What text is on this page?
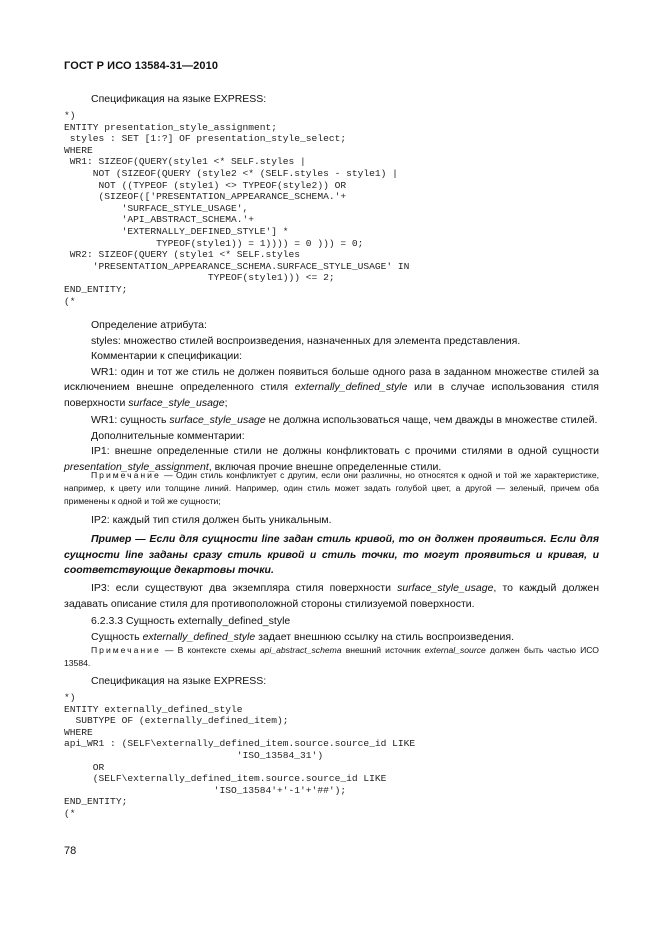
ГОСТ Р ИСО 13584-31—2010

Спецификация на языке EXPRESS:

*)
ENTITY presentation_style_assignment;
styles : SET [1:?] OF presentation_style_select;
WHERE
WR1: SIZEOF(QUERY(style1 <* SELF.styles |
NOT (SIZEOF(QUERY (style2 <* (SELF.styles - style1) |
NOT ((TYPEOF (style1) <> TYPEOF(style2)) OR
(SIZEOF(['PRESENTATION_APPEARANCE_SCHEMA.'+
'SURFACE_STYLE_USAGE',
'API_ABSTRACT_SCHEMA.'+
'EXTERNALLY_DEFINED_STYLE'] *
TYPEOF(style1)) = 1)))) = 0 ))) = 0;
WR2: SIZEOF(QUERY (style1 <* SELF.styles
'PRESENTATION_APPEARANCE_SCHEMA.SURFACE_STYLE_USAGE' IN
TYPEOF(style1))) <= 2;
END_ENTITY;
(*

Определение атрибута:

styles: множество стилей воспроизведения, назначенных для элемента представления.

Комментарии к спецификации:

WR1: один и тот же стиль не должен появиться больше одного раза в заданном множестве стилей за исключением внешне определенного стиля externally_defined_style или в случае использования стиля поверхности surface_style_usage;

WR1: сущность surface_style_usage не должна использоваться чаще, чем дважды в множестве стилей.

Дополнительные комментарии:

IP1: внешне определенные стили не должны конфликтовать с прочими стилями в одной сущности presentation_style_assignment, включая прочие внешне определенные стили.

Примечание — Один стиль конфликтует с другим, если они различны, но относятся к одной и той же характеристике, например, к цвету или толщине линий. Например, один стиль может задать голубой цвет, а другой — зеленый, причем оба применены к одной и той же сущности;

IP2: каждый тип стиля должен быть уникальным.

Пример — Если для сущности line задан стиль кривой, то он должен проявиться. Если для сущности line заданы сразу стиль кривой и стиль точки, то могут проявиться и кривая, и соответствующие декартовы точки.

IP3: если существуют два экземпляра стиля поверхности surface_style_usage, то каждый должен задавать описание стиля для противоположной стороны стилизуемой поверхности.

6.2.3.3 Сущность externally_defined_style

Сущность externally_defined_style задает внешнюю ссылку на стиль воспроизведения.

Примечание — В контексте схемы api_abstract_schema внешний источник external_source должен быть частью ИСО 13584.

Спецификация на языке EXPRESS:

*)
ENTITY externally_defined_style
SUBTYPE OF (externally_defined_item);
WHERE
api_WR1 : (SELF\externally_defined_item.source.source_id LIKE
'ISO_13584_31')
OR
(SELF\externally_defined_item.source.source_id LIKE
'ISO_13584'+'-1'+'##');
END_ENTITY;
(*

78
